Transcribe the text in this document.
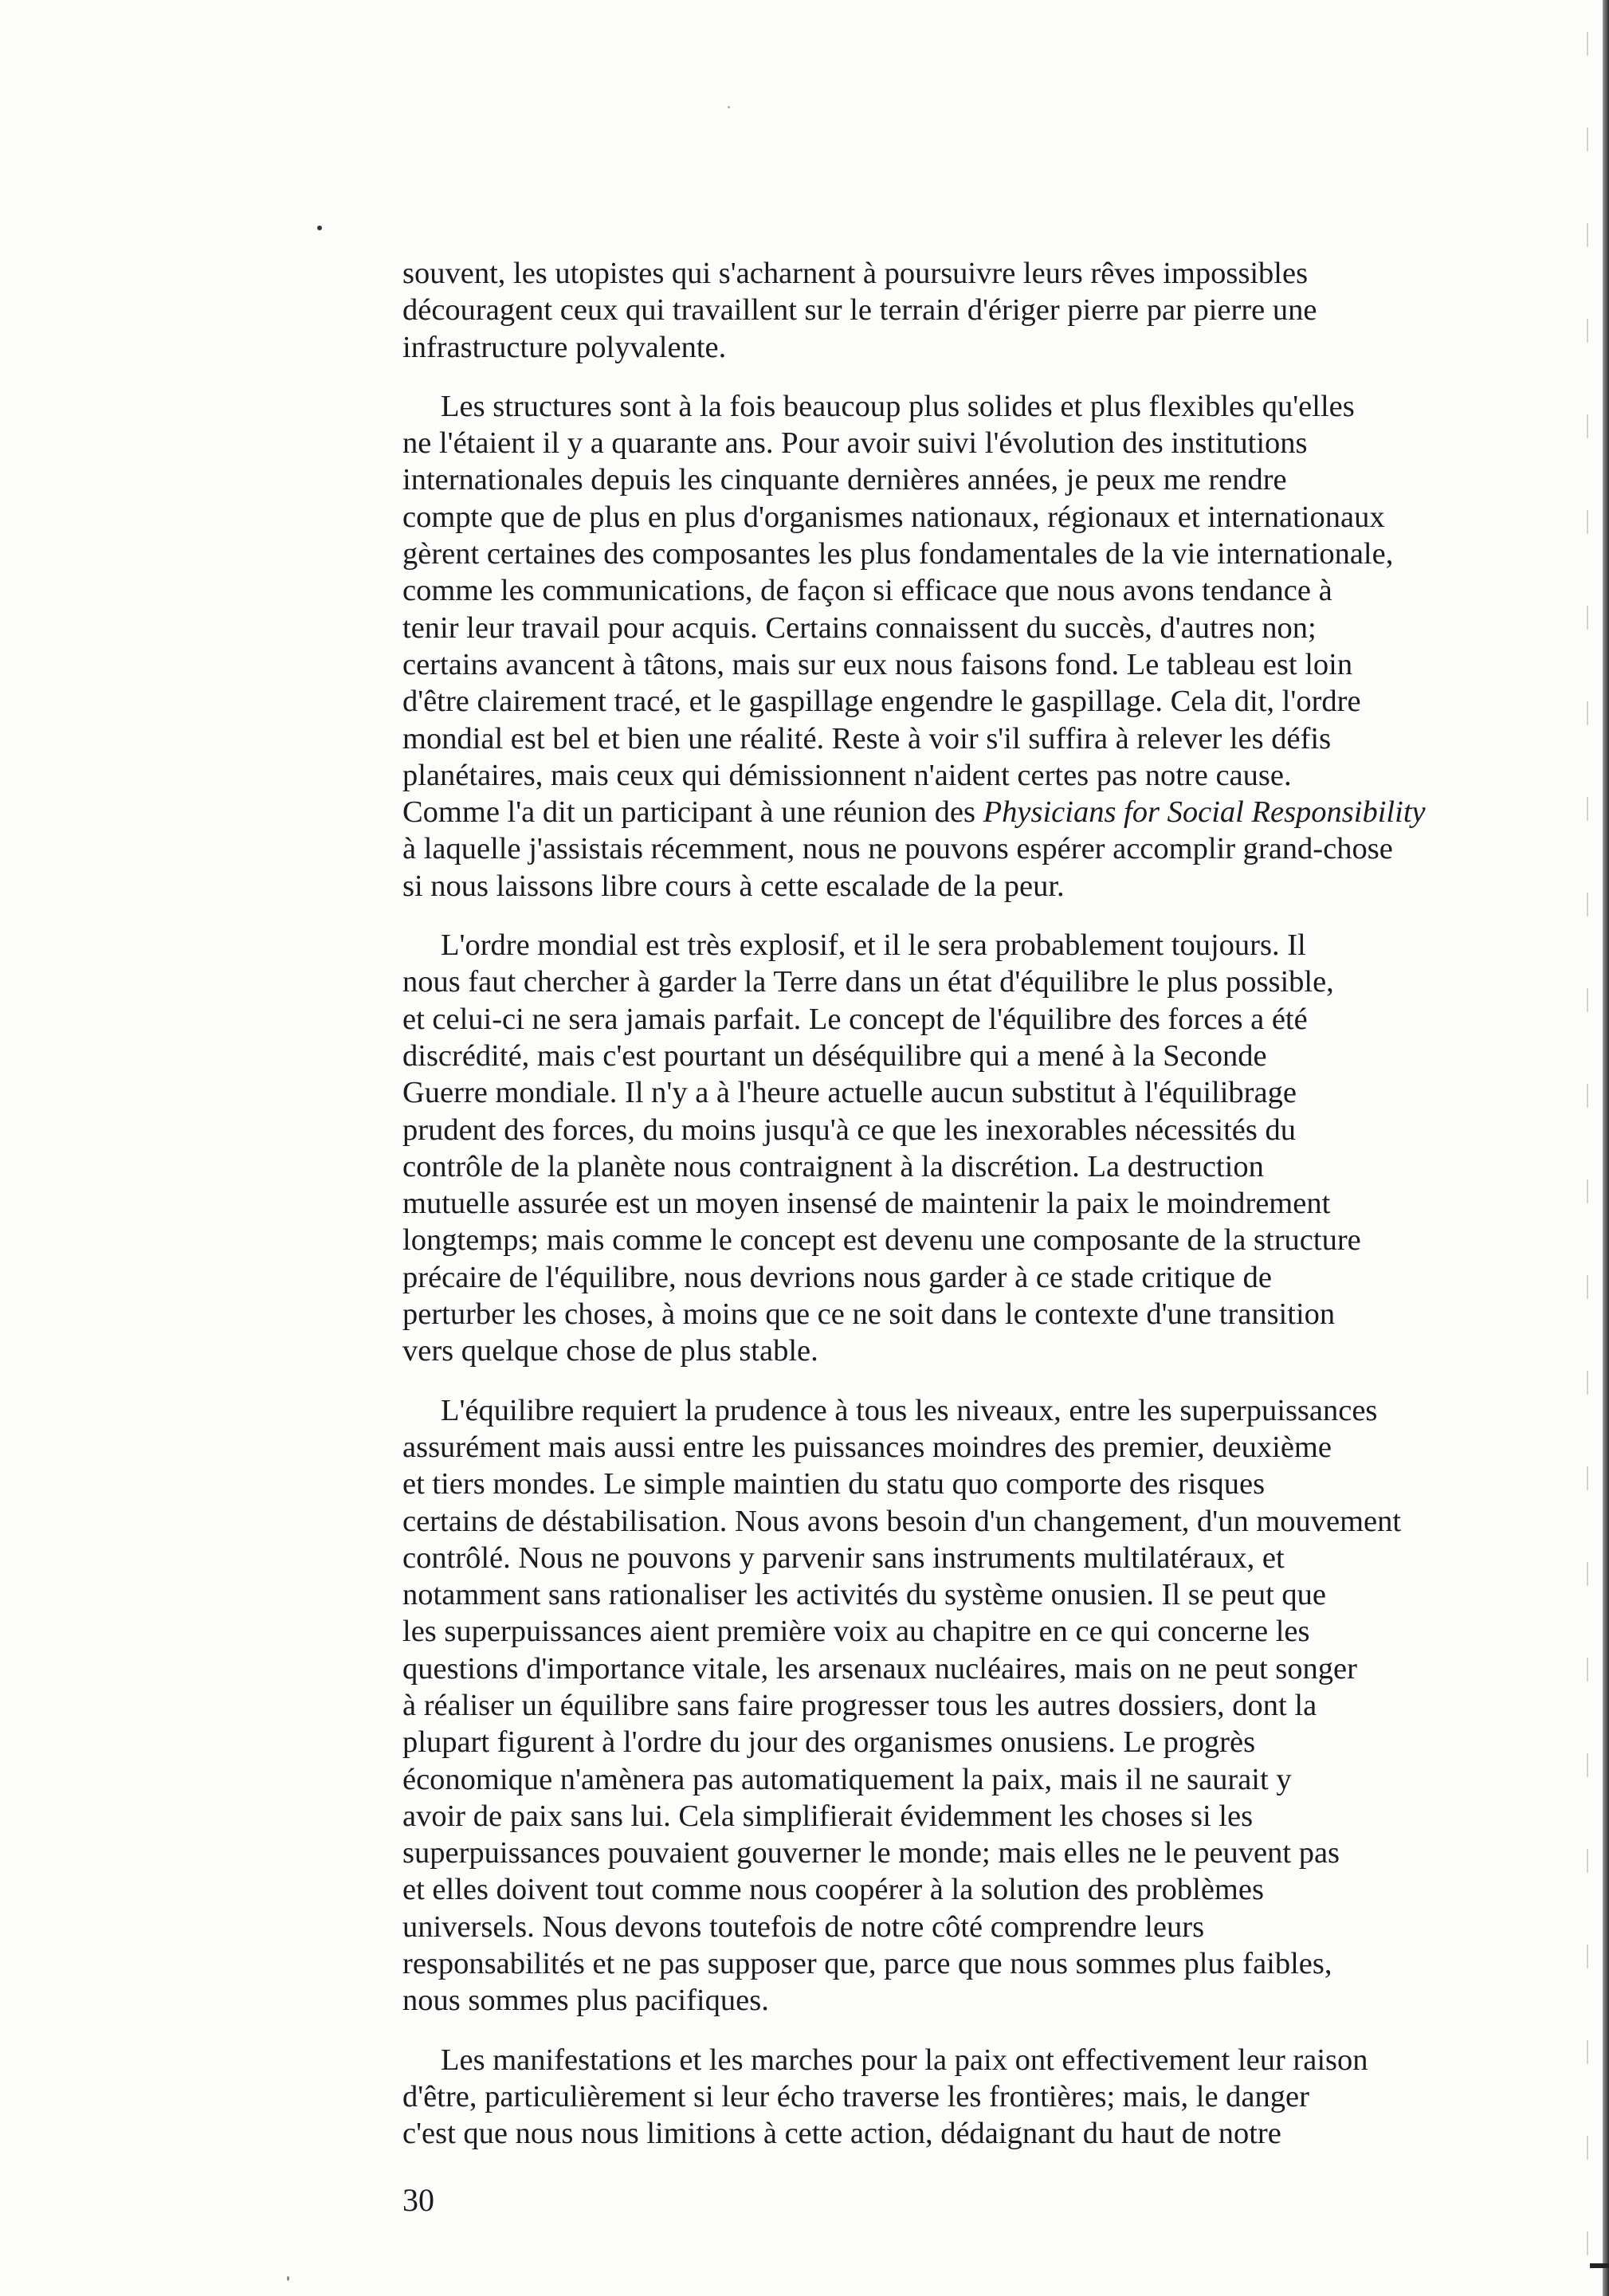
souvent, les utopistes qui s'acharnent à poursuivre leurs rêves impossibles
découragent ceux qui travaillent sur le terrain d'ériger pierre par pierre une
infrastructure polyvalente.

Les structures sont à la fois beaucoup plus solides et plus flexibles qu'elles
ne l'étaient il y a quarante ans. Pour avoir suivi l'évolution des institutions
internationales depuis les cinquante dernières années, je peux me rendre
compte que de plus en plus d'organismes nationaux, régionaux et internationaux
gèrent certaines des composantes les plus fondamentales de la vie internationale,
comme les communications, de façon si efficace que nous avons tendance à
tenir leur travail pour acquis. Certains connaissent du succès, d'autres non;
certains avancent à tâtons, mais sur eux nous faisons fond. Le tableau est loin
d'être clairement tracé, et le gaspillage engendre le gaspillage. Cela dit, l'ordre
mondial est bel et bien une réalité. Reste à voir s'il suffira à relever les défis
planétaires, mais ceux qui démissionnent n'aident certes pas notre cause.
Comme l'a dit un participant à une réunion des Physicians for Social Responsibility
à laquelle j'assistais récemment, nous ne pouvons espérer accomplir grand-chose
si nous laissons libre cours à cette escalade de la peur.

L'ordre mondial est très explosif, et il le sera probablement toujours. Il
nous faut chercher à garder la Terre dans un état d'équilibre le plus possible,
et celui-ci ne sera jamais parfait. Le concept de l'équilibre des forces a été
discrédité, mais c'est pourtant un déséquilibre qui a mené à la Seconde
Guerre mondiale. Il n'y a à l'heure actuelle aucun substitut à l'équilibrage
prudent des forces, du moins jusqu'à ce que les inexorables nécessités du
contrôle de la planète nous contraignent à la discrétion. La destruction
mutuelle assurée est un moyen insensé de maintenir la paix le moindrement
longtemps; mais comme le concept est devenu une composante de la structure
précaire de l'équilibre, nous devrions nous garder à ce stade critique de
perturber les choses, à moins que ce ne soit dans le contexte d'une transition
vers quelque chose de plus stable.

L'équilibre requiert la prudence à tous les niveaux, entre les superpuissances
assurément mais aussi entre les puissances moindres des premier, deuxième
et tiers mondes. Le simple maintien du statu quo comporte des risques
certains de déstabilisation. Nous avons besoin d'un changement, d'un mouvement
contrôlé. Nous ne pouvons y parvenir sans instruments multilatéraux, et
notamment sans rationaliser les activités du système onusien. Il se peut que
les superpuissances aient première voix au chapitre en ce qui concerne les
questions d'importance vitale, les arsenaux nucléaires, mais on ne peut songer
à réaliser un équilibre sans faire progresser tous les autres dossiers, dont la
plupart figurent à l'ordre du jour des organismes onusiens. Le progrès
économique n'amènera pas automatiquement la paix, mais il ne saurait y
avoir de paix sans lui. Cela simplifierait évidemment les choses si les
superpuissances pouvaient gouverner le monde; mais elles ne le peuvent pas
et elles doivent tout comme nous coopérer à la solution des problèmes
universels. Nous devons toutefois de notre côté comprendre leurs
responsabilités et ne pas supposer que, parce que nous sommes plus faibles,
nous sommes plus pacifiques.

Les manifestations et les marches pour la paix ont effectivement leur raison
d'être, particulièrement si leur écho traverse les frontières; mais, le danger
c'est que nous nous limitions à cette action, dédaignant du haut de notre

30
